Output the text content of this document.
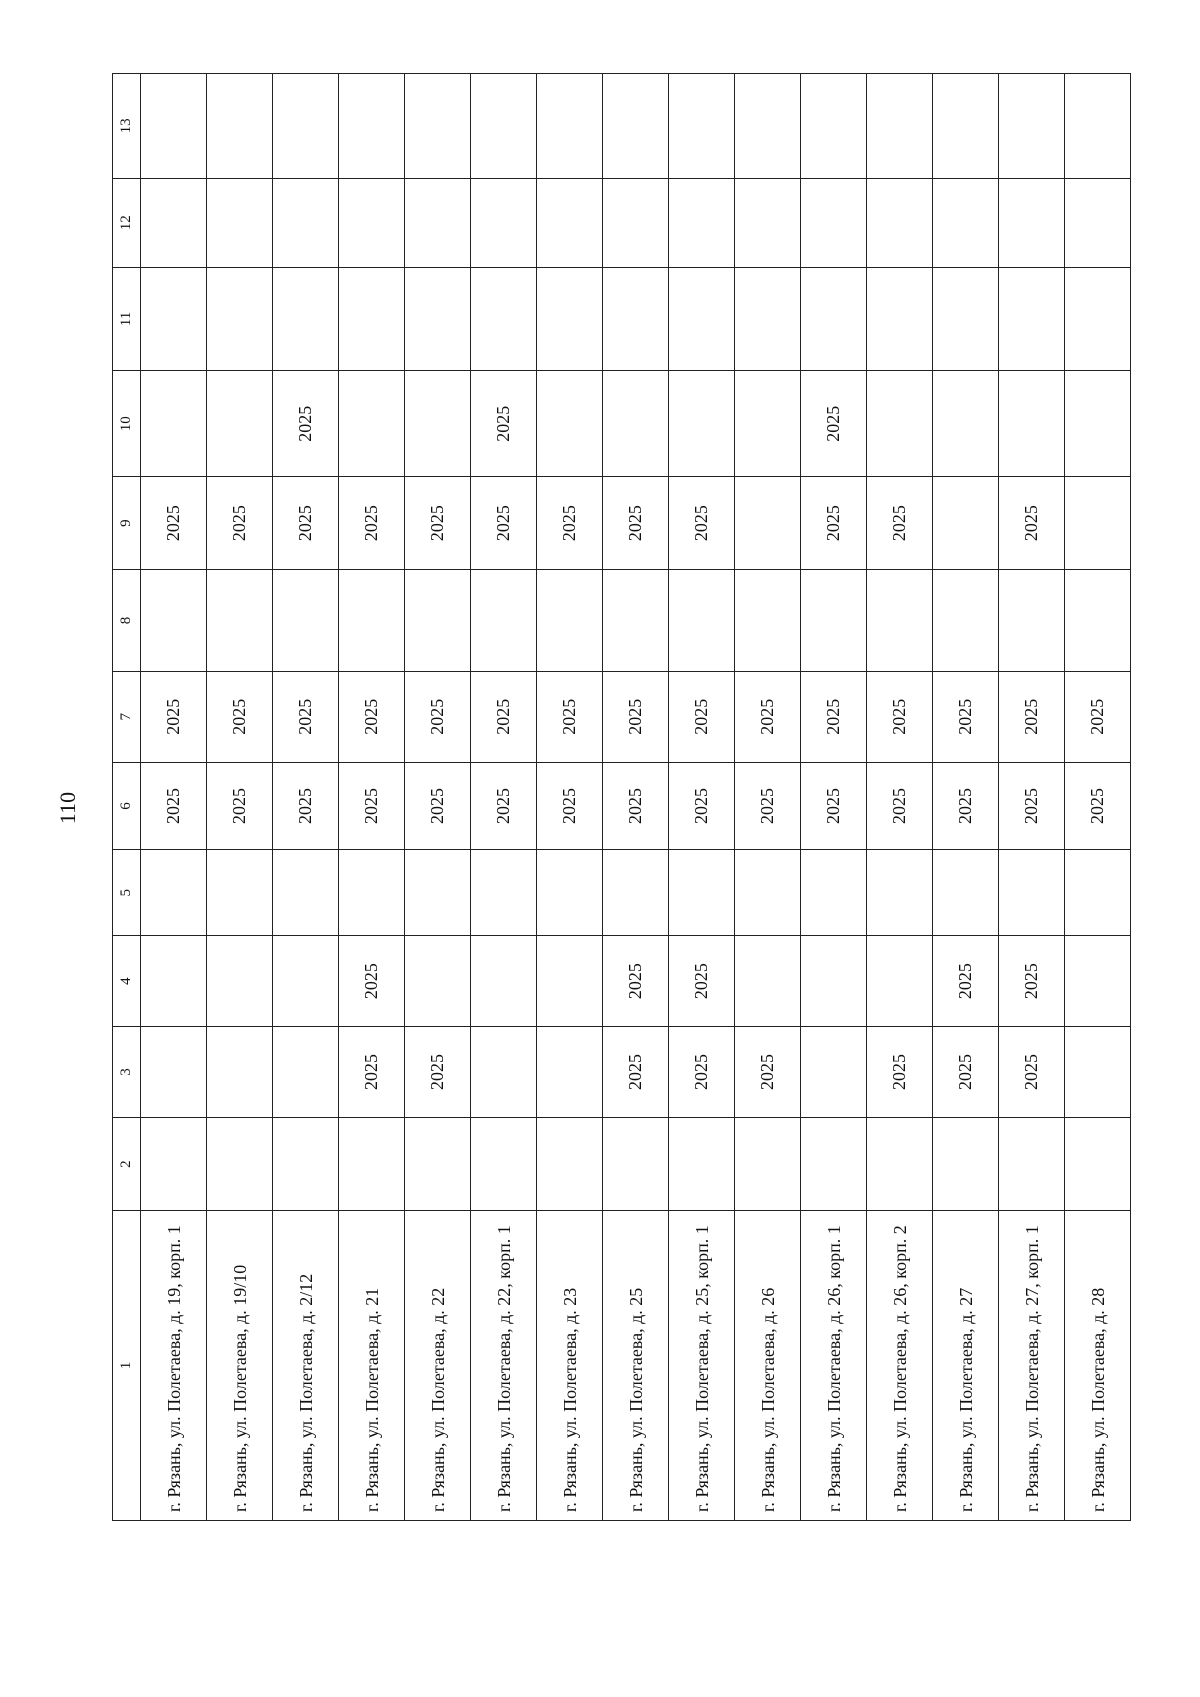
110
1	2	3	4	5	6	7	8	9	10	11	12	13
г. Рязань, ул. Полетаева, д. 19, корп. 1					2025	2025		2025				
г. Рязань, ул. Полетаева, д. 19/10					2025	2025		2025				
г. Рязань, ул. Полетаева, д. 2/12					2025	2025		2025	2025			
г. Рязань, ул. Полетаева, д. 21		2025	2025		2025	2025		2025				
г. Рязань, ул. Полетаева, д. 22		2025			2025	2025		2025				
г. Рязань, ул. Полетаева, д. 22, корп. 1					2025	2025		2025	2025			
г. Рязань, ул. Полетаева, д. 23					2025	2025		2025				
г. Рязань, ул. Полетаева, д. 25		2025	2025		2025	2025		2025				
г. Рязань, ул. Полетаева, д. 25, корп. 1		2025	2025		2025	2025		2025				
г. Рязань, ул. Полетаева, д. 26		2025			2025	2025						
г. Рязань, ул. Полетаева, д. 26, корп. 1					2025	2025		2025	2025			
г. Рязань, ул. Полетаева, д. 26, корп. 2		2025			2025	2025		2025				
г. Рязань, ул. Полетаева, д. 27		2025	2025		2025	2025						
г. Рязань, ул. Полетаева, д. 27, корп. 1		2025	2025		2025	2025		2025				
г. Рязань, ул. Полетаева, д. 28					2025	2025						
